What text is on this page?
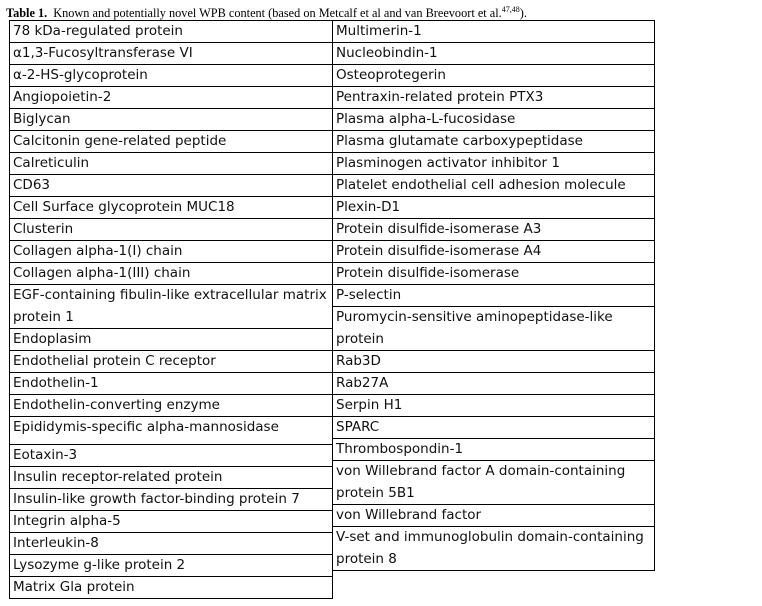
Table 1. Known and potentially novel WPB content (based on Metcalf et al and van Breevoort et al.$^{47,48}$).
78 kDa-regulated protein
α1,3-Fucosyltransferase VI
α-2-HS-glycoprotein
Angiopoietin-2
Biglycan
Calcitonin gene-related peptide
Calreticulin
CD63
Cell Surface glycoprotein MUC18
Clusterin
Collagen alpha-1(I) chain
Collagen alpha-1(III) chain
EGF-containing fibulin-like extracellular matrix protein 1
Endoplasim
Endothelial protein C receptor
Endothelin-1
Endothelin-converting enzyme
Epididymis-specific alpha-mannosidase
Eotaxin-3
Insulin receptor-related protein
Insulin-like growth factor-binding protein 7
Integrin alpha-5
Interleukin-8
Lysozyme g-like protein 2
Matrix Gla protein
Multimerin-1
Nucleobindin-1
Osteoprotegerin
Pentraxin-related protein PTX3
Plasma alpha-L-fucosidase
Plasma glutamate carboxypeptidase
Plasminogen activator inhibitor 1
Platelet endothelial cell adhesion molecule
Plexin-D1
Protein disulfide-isomerase A3
Protein disulfide-isomerase A4
Protein disulfide-isomerase
P-selectin
Puromycin-sensitive aminopeptidase-like protein
Rab3D
Rab27A
Serpin H1
SPARC
Thrombospondin-1
von Willebrand factor A domain-containing protein 5B1
von Willebrand factor
V-set and immunoglobulin domain-containing protein 8
